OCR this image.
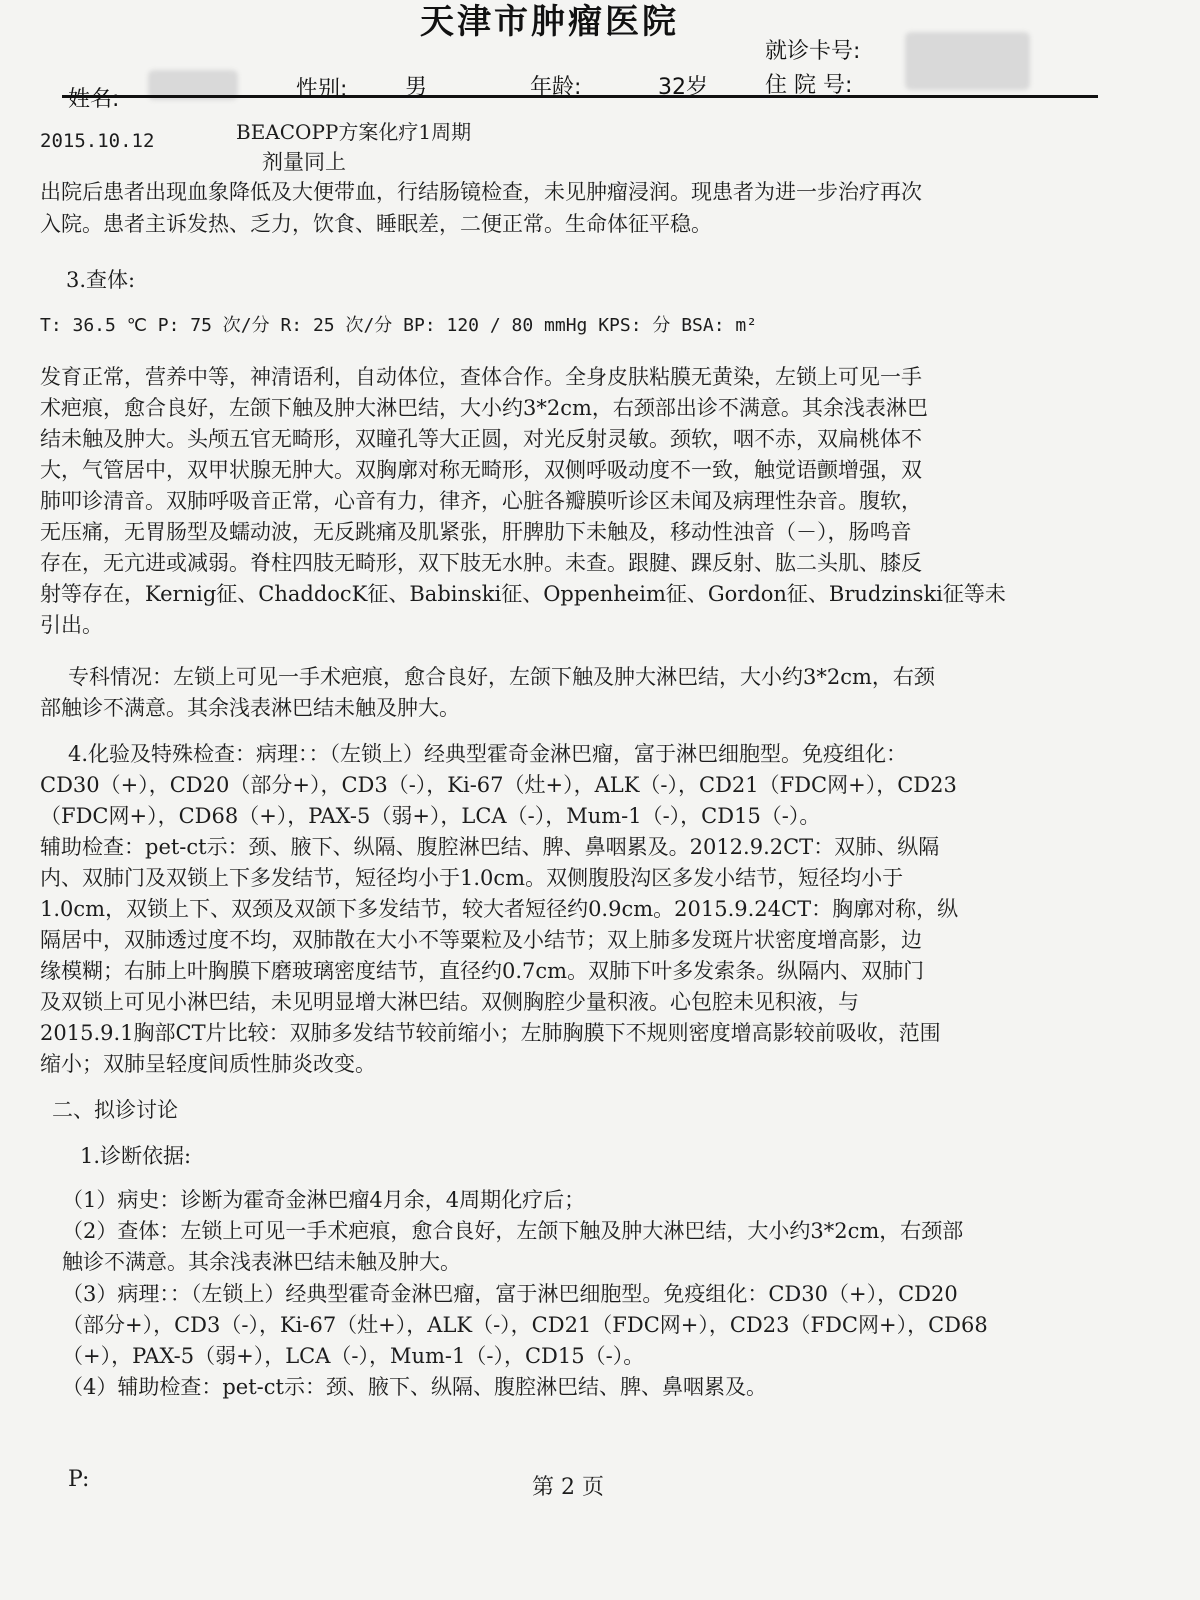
天津市肿瘤医院
就诊卡号:
姓名:	性别:	男	年龄:	32岁	住 院 号:
2015.10.12	BEACOPP方案化疗1周期
剂量同上
出院后患者出现血象降低及大便带血，行结肠镜检查，未见肿瘤浸润。现患者为进一步治疗再次
入院。患者主诉发热、乏力，饮食、睡眠差，二便正常。生命体征平稳。
3.查体:
T: 36.5 ℃ P: 75 次/分 R: 25 次/分 BP: 120 / 80 mmHg KPS: 分 BSA: m²
发育正常，营养中等，神清语利，自动体位，查体合作。全身皮肤粘膜无黄染，左锁上可见一手
术疤痕，愈合良好，左颌下触及肿大淋巴结，大小约3*2cm，右颈部出诊不满意。其余浅表淋巴
结未触及肿大。头颅五官无畸形，双瞳孔等大正圆，对光反射灵敏。颈软，咽不赤，双扁桃体不
大，气管居中，双甲状腺无肿大。双胸廓对称无畸形，双侧呼吸动度不一致，触觉语颤增强，双
肺叩诊清音。双肺呼吸音正常，心音有力，律齐，心脏各瓣膜听诊区未闻及病理性杂音。腹软，
无压痛，无胃肠型及蠕动波，无反跳痛及肌紧张，肝脾肋下未触及，移动性浊音（－），肠鸣音
存在，无亢进或减弱。脊柱四肢无畸形，双下肢无水肿。未查。跟腱、踝反射、肱二头肌、膝反
射等存在，Kernig征、ChaddocK征、Babinski征、Oppenheim征、Gordon征、Brudzinski征等未
引出。
专科情况：左锁上可见一手术疤痕，愈合良好，左颌下触及肿大淋巴结，大小约3*2cm，右颈
部触诊不满意。其余浅表淋巴结未触及肿大。
4.化验及特殊检查：病理：：（左锁上）经典型霍奇金淋巴瘤，富于淋巴细胞型。免疫组化：
CD30（+），CD20（部分+），CD3（-），Ki-67（灶+），ALK（-），CD21（FDC网+），CD23
（FDC网+），CD68（+），PAX-5（弱+），LCA（-），Mum-1（-），CD15（-）。
辅助检查：pet-ct示：颈、腋下、纵隔、腹腔淋巴结、脾、鼻咽累及。2012.9.2CT：双肺、纵隔
内、双肺门及双锁上下多发结节，短径均小于1.0cm。双侧腹股沟区多发小结节，短径均小于
1.0cm，双锁上下、双颈及双颌下多发结节，较大者短径约0.9cm。2015.9.24CT：胸廓对称，纵
隔居中，双肺透过度不均，双肺散在大小不等粟粒及小结节；双上肺多发斑片状密度增高影，边
缘模糊；右肺上叶胸膜下磨玻璃密度结节，直径约0.7cm。双肺下叶多发索条。纵隔内、双肺门
及双锁上可见小淋巴结，未见明显增大淋巴结。双侧胸腔少量积液。心包腔未见积液，与
2015.9.1胸部CT片比较：双肺多发结节较前缩小；左肺胸膜下不规则密度增高影较前吸收，范围
缩小；双肺呈轻度间质性肺炎改变。
二、拟诊讨论
1.诊断依据:
（1）病史：诊断为霍奇金淋巴瘤4月余，4周期化疗后；
（2）查体：左锁上可见一手术疤痕，愈合良好，左颌下触及肿大淋巴结，大小约3*2cm，右颈部
触诊不满意。其余浅表淋巴结未触及肿大。
（3）病理：：（左锁上）经典型霍奇金淋巴瘤，富于淋巴细胞型。免疫组化：CD30（+），CD20
（部分+），CD3（-），Ki-67（灶+），ALK（-），CD21（FDC网+），CD23（FDC网+），CD68
（+），PAX-5（弱+），LCA（-），Mum-1（-），CD15（-）。
（4）辅助检查：pet-ct示：颈、腋下、纵隔、腹腔淋巴结、脾、鼻咽累及。
P:	第 2 页
